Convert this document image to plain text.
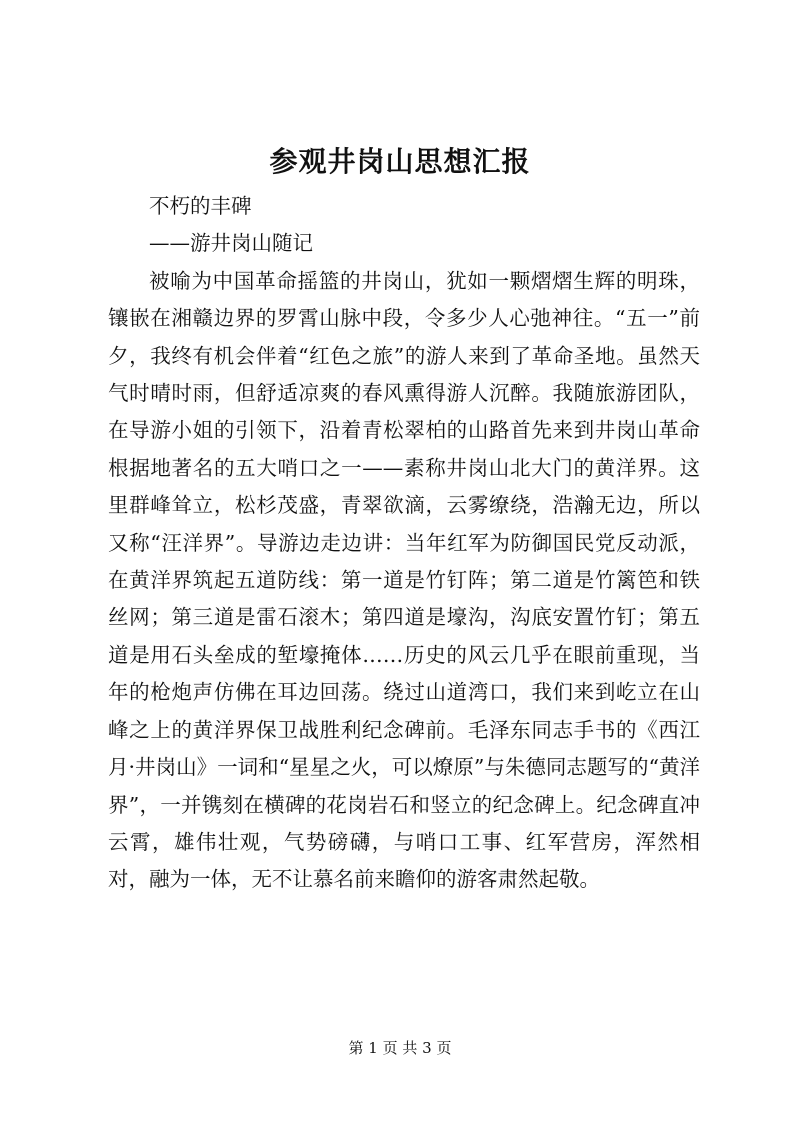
参观井岗山思想汇报

不朽的丰碑

——游井岗山随记

被喻为中国革命摇篮的井岗山，犹如一颗熠熠生辉的明珠，镶嵌在湘赣边界的罗霄山脉中段，令多少人心弛神往。“五一”前夕，我终有机会伴着“红色之旅”的游人来到了革命圣地。虽然天气时晴时雨，但舒适凉爽的春风熏得游人沉醉。我随旅游团队，在导游小姐的引领下，沿着青松翠柏的山路首先来到井岗山革命根据地著名的五大哨口之一——素称井岗山北大门的黄洋界。这里群峰耸立，松杉茂盛，青翠欲滴，云雾缭绕，浩瀚无边，所以又称“汪洋界”。导游边走边讲：当年红军为防御国民党反动派，在黄洋界筑起五道防线：第一道是竹钉阵；第二道是竹篱笆和铁丝网；第三道是雷石滚木；第四道是壕沟，沟底安置竹钉；第五道是用石头垒成的堑壕掩体……历史的风云几乎在眼前重现，当年的枪炮声仿佛在耳边回荡。绕过山道湾口，我们来到屹立在山峰之上的黄洋界保卫战胜利纪念碑前。毛泽东同志手书的《西江月·井岗山》一词和“星星之火，可以燎原”与朱德同志题写的“黄洋界”，一并镌刻在横碑的花岗岩石和竖立的纪念碑上。纪念碑直冲云霄，雄伟壮观，气势磅礴，与哨口工事、红军营房，浑然相对，融为一体，无不让慕名前来瞻仰的游客肃然起敬。

第 1 页 共 3 页
